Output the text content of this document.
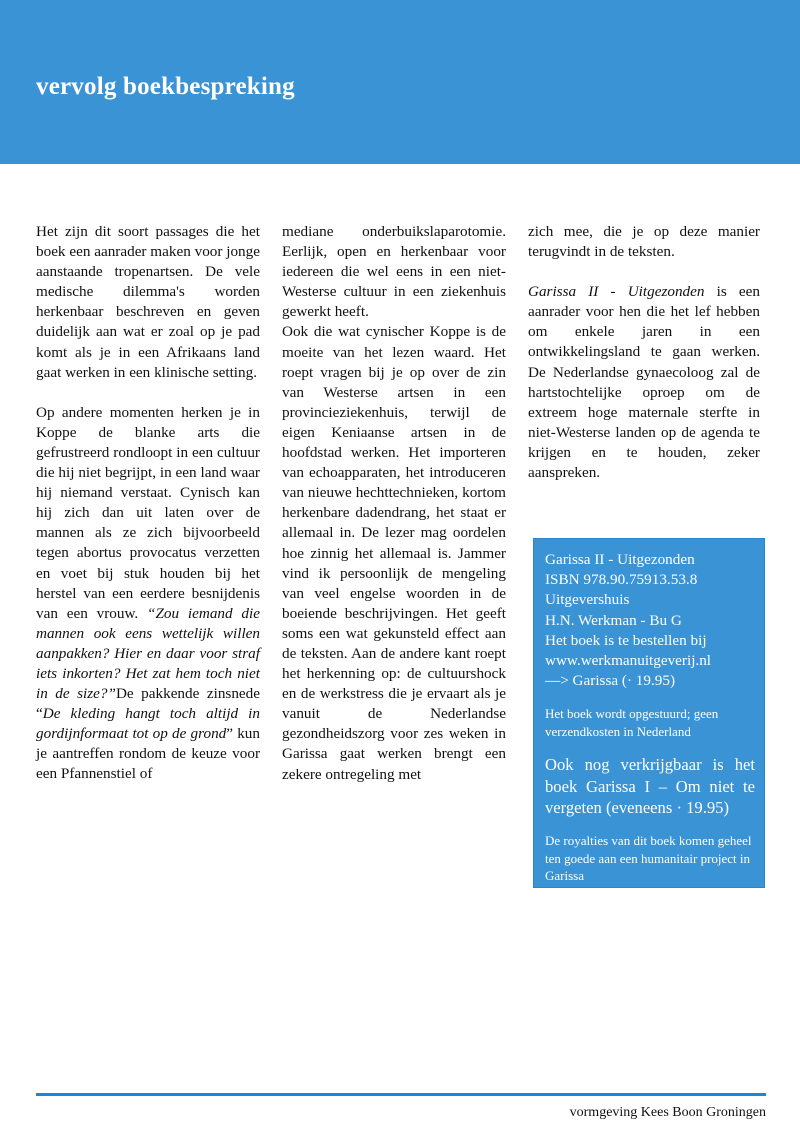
vervolg boekbespreking

Het zijn dit soort passages die het boek een aanrader maken voor jonge aanstaande tropenartsen. De vele medische dilemma's worden herkenbaar beschreven en geven duidelijk aan wat er zoal op je pad komt als je in een Afrikaans land gaat werken in een klinische setting.

Op andere momenten herken je in Koppe de blanke arts die gefrustreerd rondloopt in een cultuur die hij niet begrijpt, in een land waar hij niemand verstaat. Cynisch kan hij zich dan uit laten over de mannen als ze zich bijvoorbeeld tegen abortus provocatus verzetten en voet bij stuk houden bij het herstel van een eerdere besnijdenis van een vrouw. “Zou iemand die mannen ook eens wettelijk willen aanpakken? Hier en daar voor straf iets inkorten? Het zat hem toch niet in de size?”De pakkende zinsnede “De kleding hangt toch altijd in gordijnformaat tot op de grond” kun je aantreffen rondom de keuze voor een Pfannenstiel of

mediane onderbuikslaparotomie. Eerlijk, open en herkenbaar voor iedereen die wel eens in een niet-Westerse cultuur in een ziekenhuis gewerkt heeft.

Ook die wat cynischer Koppe is de moeite van het lezen waard. Het roept vragen bij je op over de zin van Westerse artsen in een provincieziekenhuis, terwijl de eigen Keniaanse artsen in de hoofdstad werken. Het importeren van echoapparaten, het introduceren van nieuwe hechttechnieken, kortom herkenbare dadendrang, het staat er allemaal in. De lezer mag oordelen hoe zinnig het allemaal is. Jammer vind ik persoonlijk de mengeling van veel engelse woorden in de boeiende beschrijvingen. Het geeft soms een wat gekunsteld effect aan de teksten. Aan de andere kant roept het herkenning op: de cultuurshock en de werkstress die je ervaart als je vanuit de Nederlandse gezondheidszorg voor zes weken in Garissa gaat werken brengt een zekere ontregeling met

zich mee, die je op deze manier terugvindt in de teksten.

Garissa II - Uitgezonden is een aanrader voor hen die het lef hebben om enkele jaren in een ontwikkelingsland te gaan werken. De Nederlandse gynaecoloog zal de hartstochtelijke oproep om de extreem hoge maternale sterfte in niet-Westerse landen op de agenda te krijgen en te houden, zeker aanspreken.

Garissa II - Uitgezonden
ISBN 978.90.75913.53.8
Uitgevershuis
H.N. Werkman - Bu G
Het boek is te bestellen bij
www.werkmanuitgeverij.nl
—> Garissa (· 19.95)

Het boek wordt opgestuurd; geen verzendkosten in Nederland

Ook nog verkrijgbaar is het boek Garissa I – Om niet te vergeten (eveneens · 19.95)

De royalties van dit boek komen geheel ten goede aan een humanitair project in Garissa

vormgeving Kees Boon Groningen
